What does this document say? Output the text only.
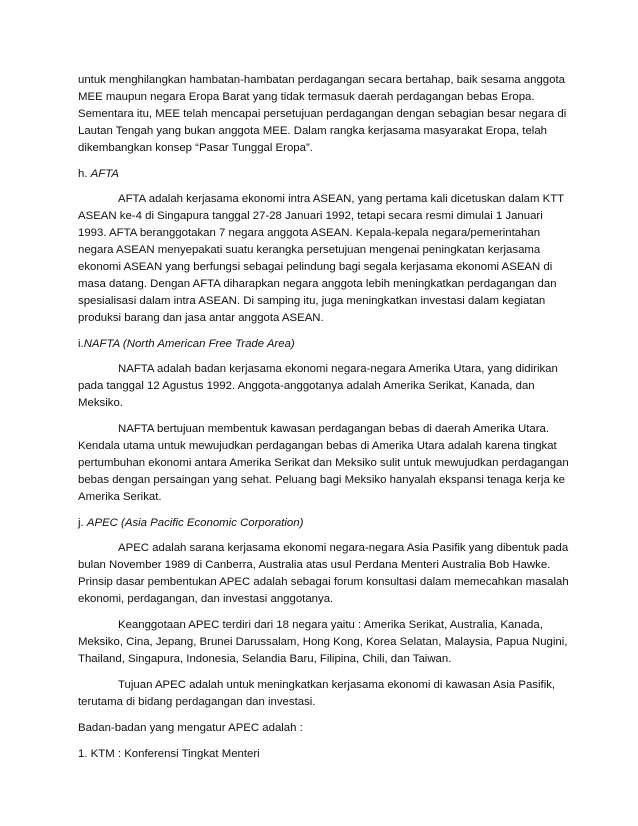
untuk menghilangkan hambatan-hambatan perdagangan secara bertahap, baik sesama anggota MEE maupun negara Eropa Barat yang tidak termasuk daerah perdagangan bebas Eropa. Sementara itu, MEE telah mencapai persetujuan perdagangan dengan sebagian besar negara di Lautan Tengah yang bukan anggota MEE. Dalam rangka kerjasama masyarakat Eropa, telah dikembangkan konsep “Pasar Tunggal Eropa”.

h. AFTA

AFTA adalah kerjasama ekonomi intra ASEAN, yang pertama kali dicetuskan dalam KTT ASEAN ke-4 di Singapura tanggal 27-28 Januari 1992, tetapi secara resmi dimulai 1 Januari 1993. AFTA beranggotakan 7 negara anggota ASEAN. Kepala-kepala negara/pemerintahan negara ASEAN menyepakati suatu kerangka persetujuan mengenai peningkatan kerjasama ekonomi ASEAN yang berfungsi sebagai pelindung bagi segala kerjasama ekonomi ASEAN di masa datang. Dengan AFTA diharapkan negara anggota lebih meningkatkan perdagangan dan spesialisasi dalam intra ASEAN. Di samping itu, juga meningkatkan investasi dalam kegiatan produksi barang dan jasa antar anggota ASEAN.

i.NAFTA (North American Free Trade Area)

NAFTA adalah badan kerjasama ekonomi negara-negara Amerika Utara, yang didirikan pada tanggal 12 Agustus 1992. Anggota-anggotanya adalah Amerika Serikat, Kanada, dan Meksiko.

NAFTA bertujuan membentuk kawasan perdagangan bebas di daerah Amerika Utara. Kendala utama untuk mewujudkan perdagangan bebas di Amerika Utara adalah karena tingkat pertumbuhan ekonomi antara Amerika Serikat dan Meksiko sulit untuk mewujudkan perdagangan bebas dengan persaingan yang sehat. Peluang bagi Meksiko hanyalah ekspansi tenaga kerja ke Amerika Serikat.

j. APEC (Asia Pacific Economic Corporation)

APEC adalah sarana kerjasama ekonomi negara-negara Asia Pasifik yang dibentuk pada bulan November 1989 di Canberra, Australia atas usul Perdana Menteri Australia Bob Hawke. Prinsip dasar pembentukan APEC adalah sebagai forum konsultasi dalam memecahkan masalah ekonomi, perdagangan, dan investasi anggotanya.

Keanggotaan APEC terdiri dari 18 negara yaitu : Amerika Serikat, Australia, Kanada, Meksiko, Cina, Jepang, Brunei Darussalam, Hong Kong, Korea Selatan, Malaysia, Papua Nugini, Thailand, Singapura, Indonesia, Selandia Baru, Filipina, Chili, dan Taiwan.

Tujuan APEC adalah untuk meningkatkan kerjasama ekonomi di kawasan Asia Pasifik, terutama di bidang perdagangan dan investasi.

Badan-badan yang mengatur APEC adalah :

1. KTM : Konferensi Tingkat Menteri
